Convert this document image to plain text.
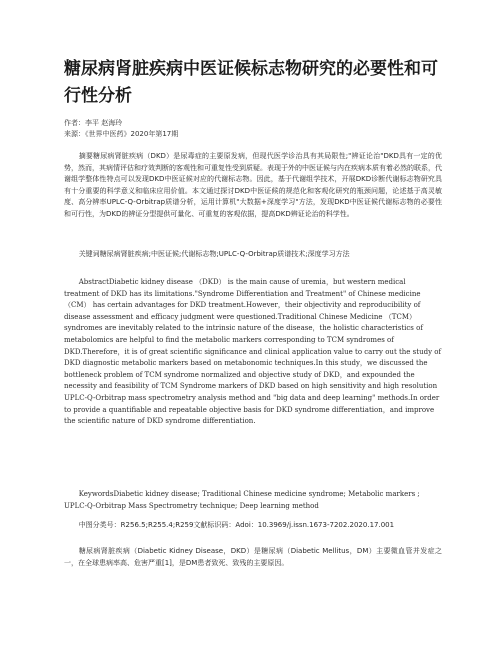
糖尿病肾脏疾病中医证候标志物研究的必要性和可行性分析
作者：李平 赵海玲
来源：《世界中医药》2020年第17期

摘要糖尿病肾脏疾病（DKD）是尿毒症的主要原发病，但现代医学诊治具有其局限性;"辨证论治"DKD具有一定的优势，然而，其病情评估和疗效判断的客观性和可重复性受到质疑。表现于外的中医证候与内在疾病本质有着必然的联系，代谢组学整体性特点可以发现DKD中医证候对应的代谢标志物。因此，基于代谢组学技术，开展DKD诊断代谢标志物研究具有十分重要的科学意义和临床应用价值。本文通过探讨DKD中医证候的规范化和客观化研究的瓶颈问题，论述基于高灵敏度、高分辨率UPLC-Q-Orbitrap质谱分析，运用计算机"大数据+深度学习"方法，发现DKD中医证候代谢标志物的必要性和可行性，为DKD的辨证分型提供可量化、可重复的客观依据，提高DKD辨证论治的科学性。

关键词糖尿病肾脏疾病;中医证候;代谢标志物;UPLC-Q-Orbitrap质谱技术;深度学习方法

AbstractDiabetic kidney disease （DKD） is the main cause of uremia，but western medical treatment of DKD has its limitations."Syndrome Differentiation and Treatment" of Chinese medicine （CM） has certain advantages for DKD treatment.However，their objectivity and reproducibility of disease assessment and efficacy judgment were questioned.Traditional Chinese Medicine （TCM） syndromes are inevitably related to the intrinsic nature of the disease，the holistic characteristics of metabolomics are helpful to find the metabolic markers corresponding to TCM syndromes of DKD.Therefore，it is of great scientific significance and clinical application value to carry out the study of DKD diagnostic metabolic markers based on metabonomic techniques.In this study，we discussed the bottleneck problem of TCM syndrome normalized and objective study of DKD，and expounded the necessity and feasibility of TCM Syndrome markers of DKD based on high sensitivity and high resolution UPLC-Q-Orbitrap mass spectrometry analysis method and "big data and deep learning" methods.In order to provide a quantifiable and repeatable objective basis for DKD syndrome differentiation，and improve the scientific nature of DKD syndrome differentiation.

KeywordsDiabetic kidney disease; Traditional Chinese medicine syndrome; Metabolic markers ; UPLC-Q-Orbitrap Mass Spectrometry technique; Deep learning method

中图分类号：R256.5;R255.4;R259文献标识码：Adoi：10.3969/j.issn.1673-7202.2020.17.001

糖尿病肾脏疾病（Diabetic Kidney Disease，DKD）是糖尿病（Diabetic Mellitus，DM）主要微血管并发症之一，在全球患病率高、危害严重[1]，是DM患者致死、致残的主要原因。
